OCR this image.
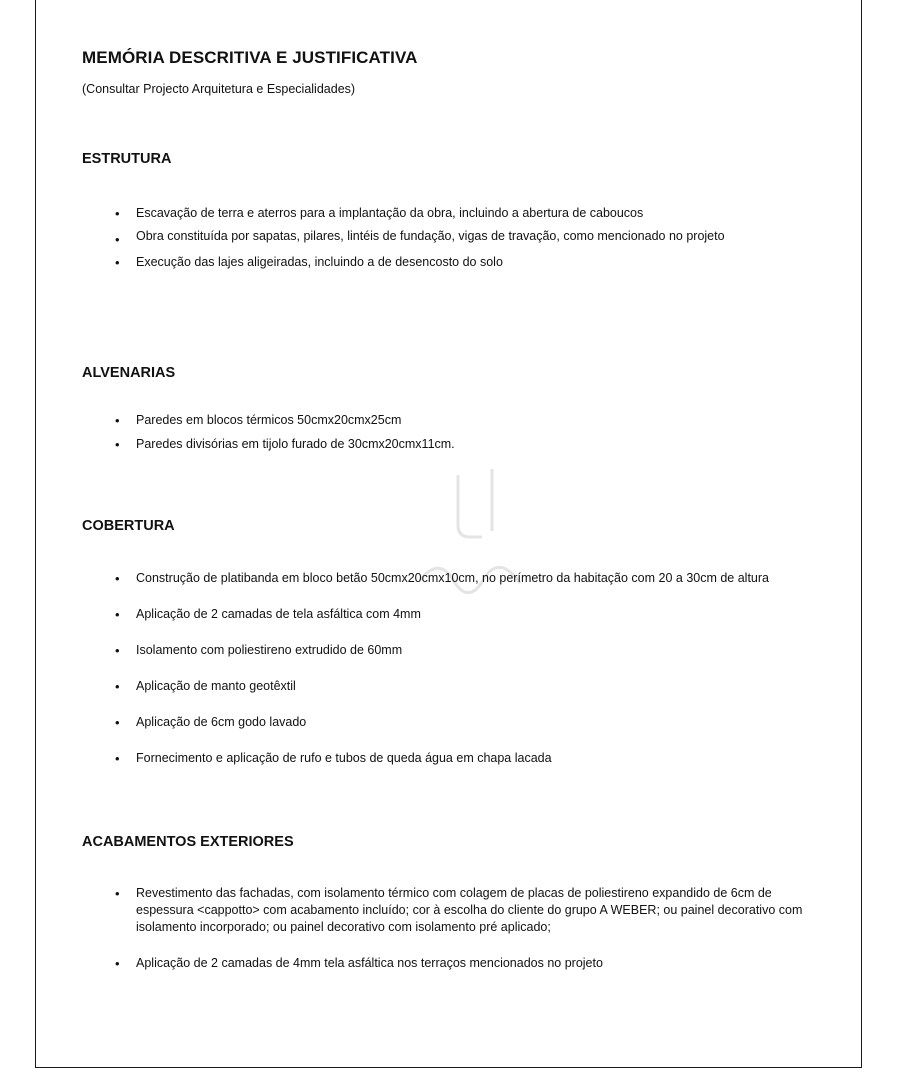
MEMÓRIA DESCRITIVA E JUSTIFICATIVA
(Consultar Projecto Arquitetura e Especialidades)
ESTRUTURA
• Escavação de terra e aterros para a implantação da obra, incluindo a abertura de caboucos
• Obra constituída por sapatas, pilares, lintéis de fundação, vigas de travação, como mencionado no projeto
• Execução das lajes aligeiradas, incluindo a de desencosto do solo
ALVENARIAS
• Paredes em blocos térmicos 50cmx20cmx25cm
• Paredes divisórias em tijolo furado de 30cmx20cmx11cm.
COBERTURA
• Construção de platibanda em bloco betão 50cmx20cmx10cm, no perímetro da habitação com 20 a 30cm de altura
• Aplicação de 2 camadas de tela asfáltica com 4mm
• Isolamento com poliestireno extrudido de 60mm
• Aplicação de manto geotêxtil
• Aplicação de 6cm godo lavado
• Fornecimento e aplicação de rufo e tubos de queda água em chapa lacada
ACABAMENTOS EXTERIORES
• Revestimento das fachadas, com isolamento térmico com colagem de placas de poliestireno expandido de 6cm de espessura <cappotto> com acabamento incluído; cor à escolha do cliente do grupo A WEBER; ou painel decorativo com isolamento incorporado; ou painel decorativo com isolamento pré aplicado;
• Aplicação de 2 camadas de 4mm tela asfáltica nos terraços mencionados no projeto
